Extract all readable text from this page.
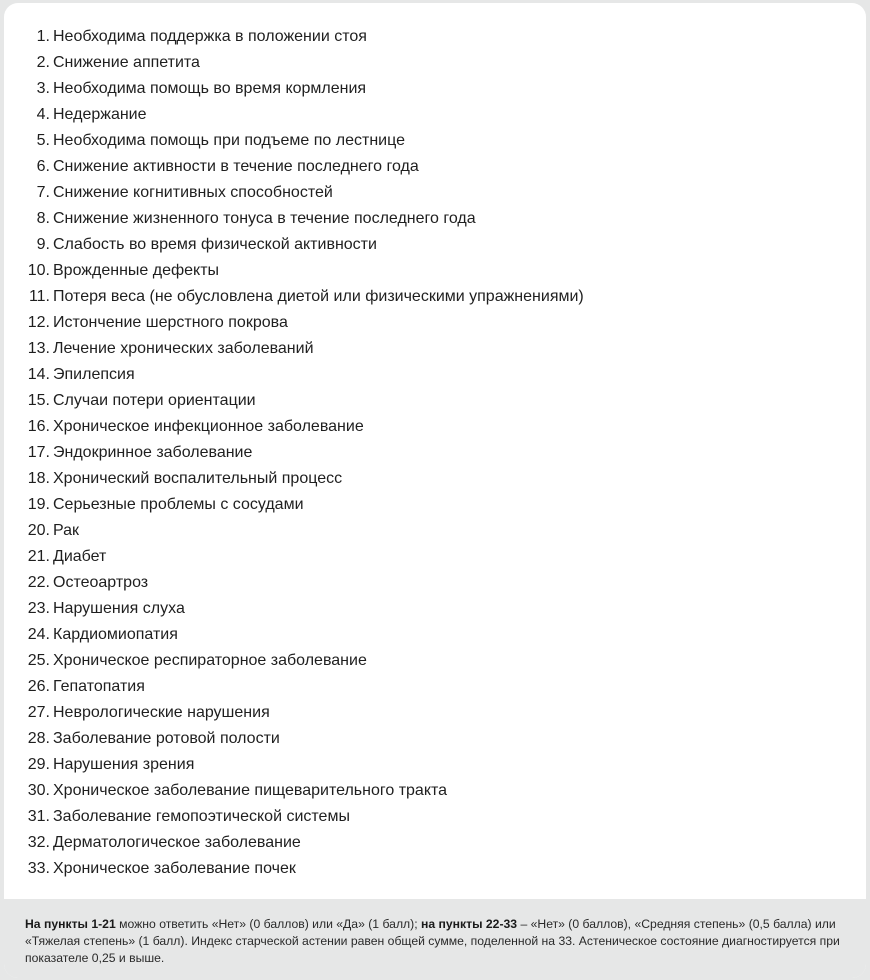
1. Необходима поддержка в положении стоя
2. Снижение аппетита
3. Необходима помощь во время кормления
4. Недержание
5. Необходима помощь при подъеме по лестнице
6. Снижение активности в течение последнего года
7. Снижение когнитивных способностей
8. Снижение жизненного тонуса в течение последнего года
9. Слабость во время физической активности
10. Врожденные дефекты
11. Потеря веса (не обусловлена диетой или физическими упражнениями)
12. Истончение шерстного покрова
13. Лечение хронических заболеваний
14. Эпилепсия
15. Случаи потери ориентации
16. Хроническое инфекционное заболевание
17. Эндокринное заболевание
18. Хронический воспалительный процесс
19. Серьезные проблемы с сосудами
20. Рак
21. Диабет
22. Остеоартроз
23. Нарушения слуха
24. Кардиомиопатия
25. Хроническое респираторное заболевание
26. Гепатопатия
27. Неврологические нарушения
28. Заболевание ротовой полости
29. Нарушения зрения
30. Хроническое заболевание пищеварительного тракта
31. Заболевание гемопоэтической системы
32. Дерматологическое заболевание
33. Хроническое заболевание почек
На пункты 1-21 можно ответить «Нет» (0 баллов) или «Да» (1 балл); на пункты 22-33 – «Нет» (0 баллов), «Средняя степень» (0,5 балла) или «Тяжелая степень» (1 балл). Индекс старческой астении равен общей сумме, поделенной на 33. Астеническое состояние диагностируется при показателе 0,25 и выше.
